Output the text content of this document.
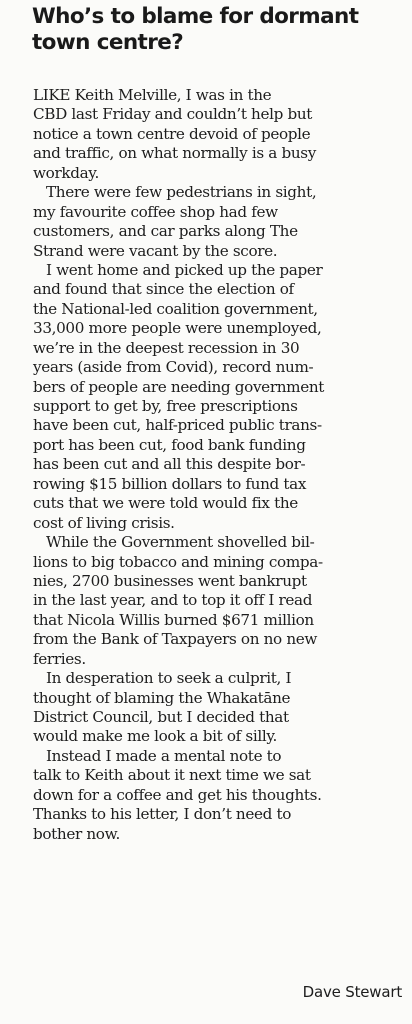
Who’s to blame for dormant
town centre?
LIKE Keith Melville, I was in the
CBD last Friday and couldn’t help but
notice a town centre devoid of people
and traffic, on what normally is a busy
workday.
There were few pedestrians in sight,
my favourite coffee shop had few
customers, and car parks along The
Strand were vacant by the score.
I went home and picked up the paper
and found that since the election of
the National-led coalition government,
33,000 more people were unemployed,
we’re in the deepest recession in 30
years (aside from Covid), record num-
bers of people are needing government
support to get by, free prescriptions
have been cut, half-priced public trans-
port has been cut, food bank funding
has been cut and all this despite bor-
rowing $15 billion dollars to fund tax
cuts that we were told would fix the
cost of living crisis.
While the Government shovelled bil-
lions to big tobacco and mining compa-
nies, 2700 businesses went bankrupt
in the last year, and to top it off I read
that Nicola Willis burned $671 million
from the Bank of Taxpayers on no new
ferries.
In desperation to seek a culprit, I
thought of blaming the Whakatāne
District Council, but I decided that
would make me look a bit of silly.
Instead I made a mental note to
talk to Keith about it next time we sat
down for a coffee and get his thoughts.
Thanks to his letter, I don’t need to
bother now.
Dave Stewart
